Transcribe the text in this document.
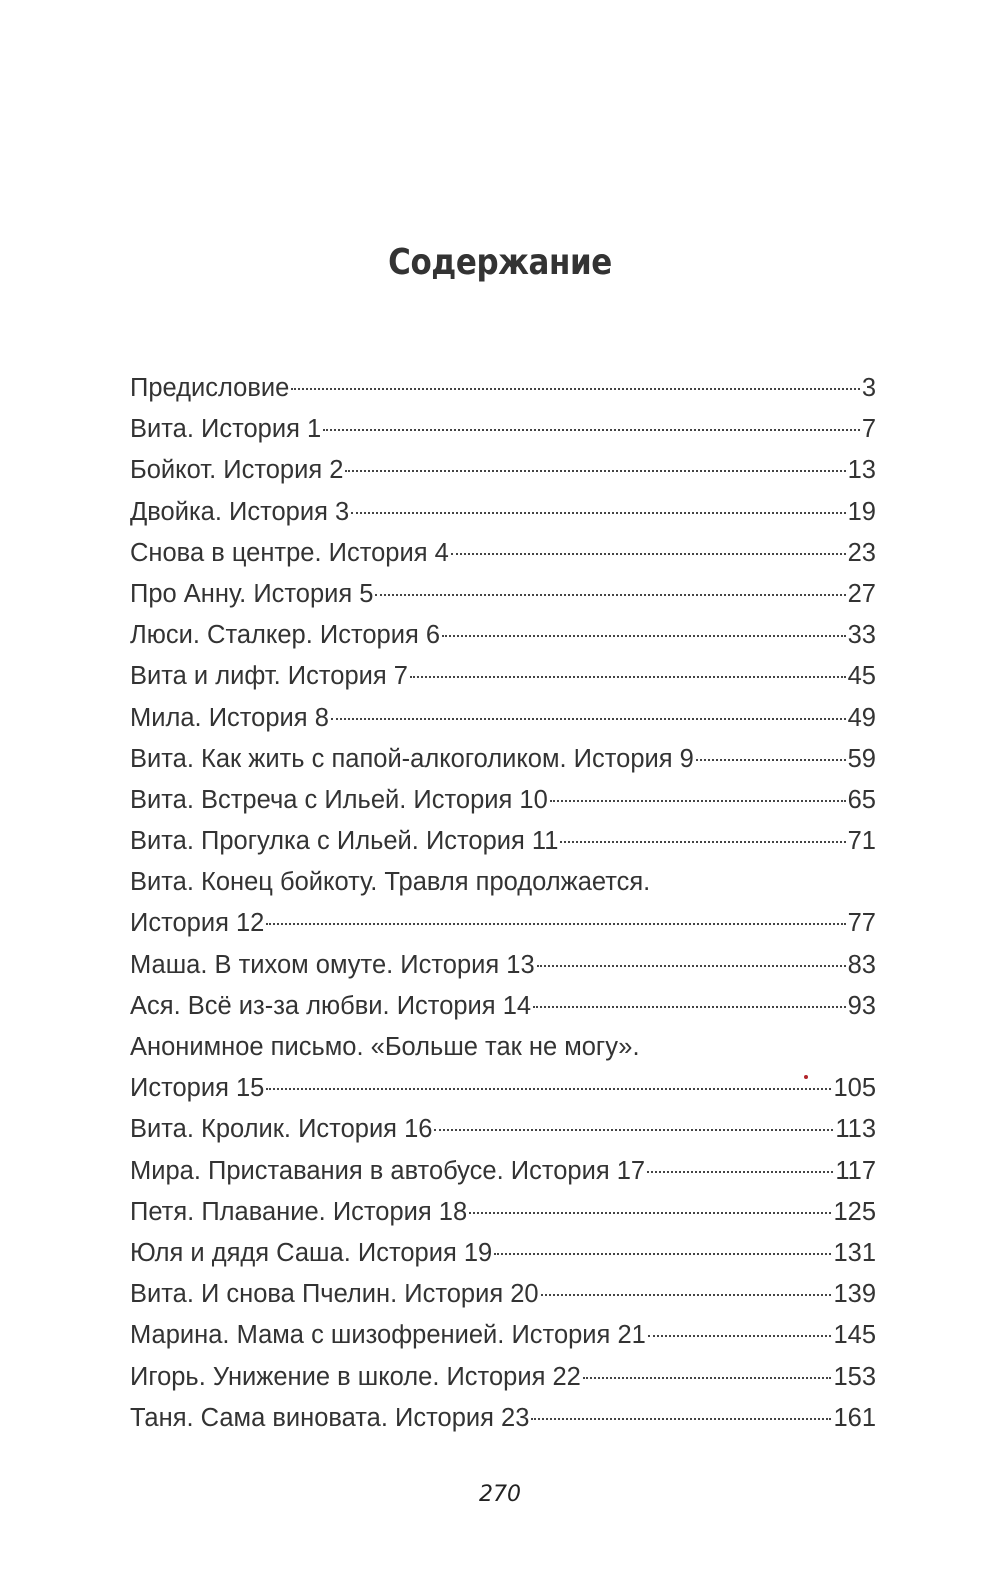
Содержание
Предисловие	3
Вита. История 1	7
Бойкот. История 2	13
Двойка. История 3	19
Снова в центре. История 4	23
Про Анну. История 5	27
Люси. Сталкер. История 6	33
Вита и лифт. История 7	45
Мила. История 8	49
Вита. Как жить с папой-алкоголиком. История 9	59
Вита. Встреча с Ильей. История 10	65
Вита. Прогулка с Ильей. История 11	71
Вита. Конец бойкоту. Травля продолжается.
История 12	77
Маша. В тихом омуте. История 13	83
Ася. Всё из-за любви. История 14	93
Анонимное письмо. «Больше так не могу».
История 15	105
Вита. Кролик. История 16	113
Мира. Приставания в автобусе. История 17	117
Петя. Плавание. История 18	125
Юля и дядя Саша. История 19	131
Вита. И снова Пчелин. История 20	139
Марина. Мама с шизофренией. История 21	145
Игорь. Унижение в школе. История 22	153
Таня. Сама виновата. История 23	161
270
